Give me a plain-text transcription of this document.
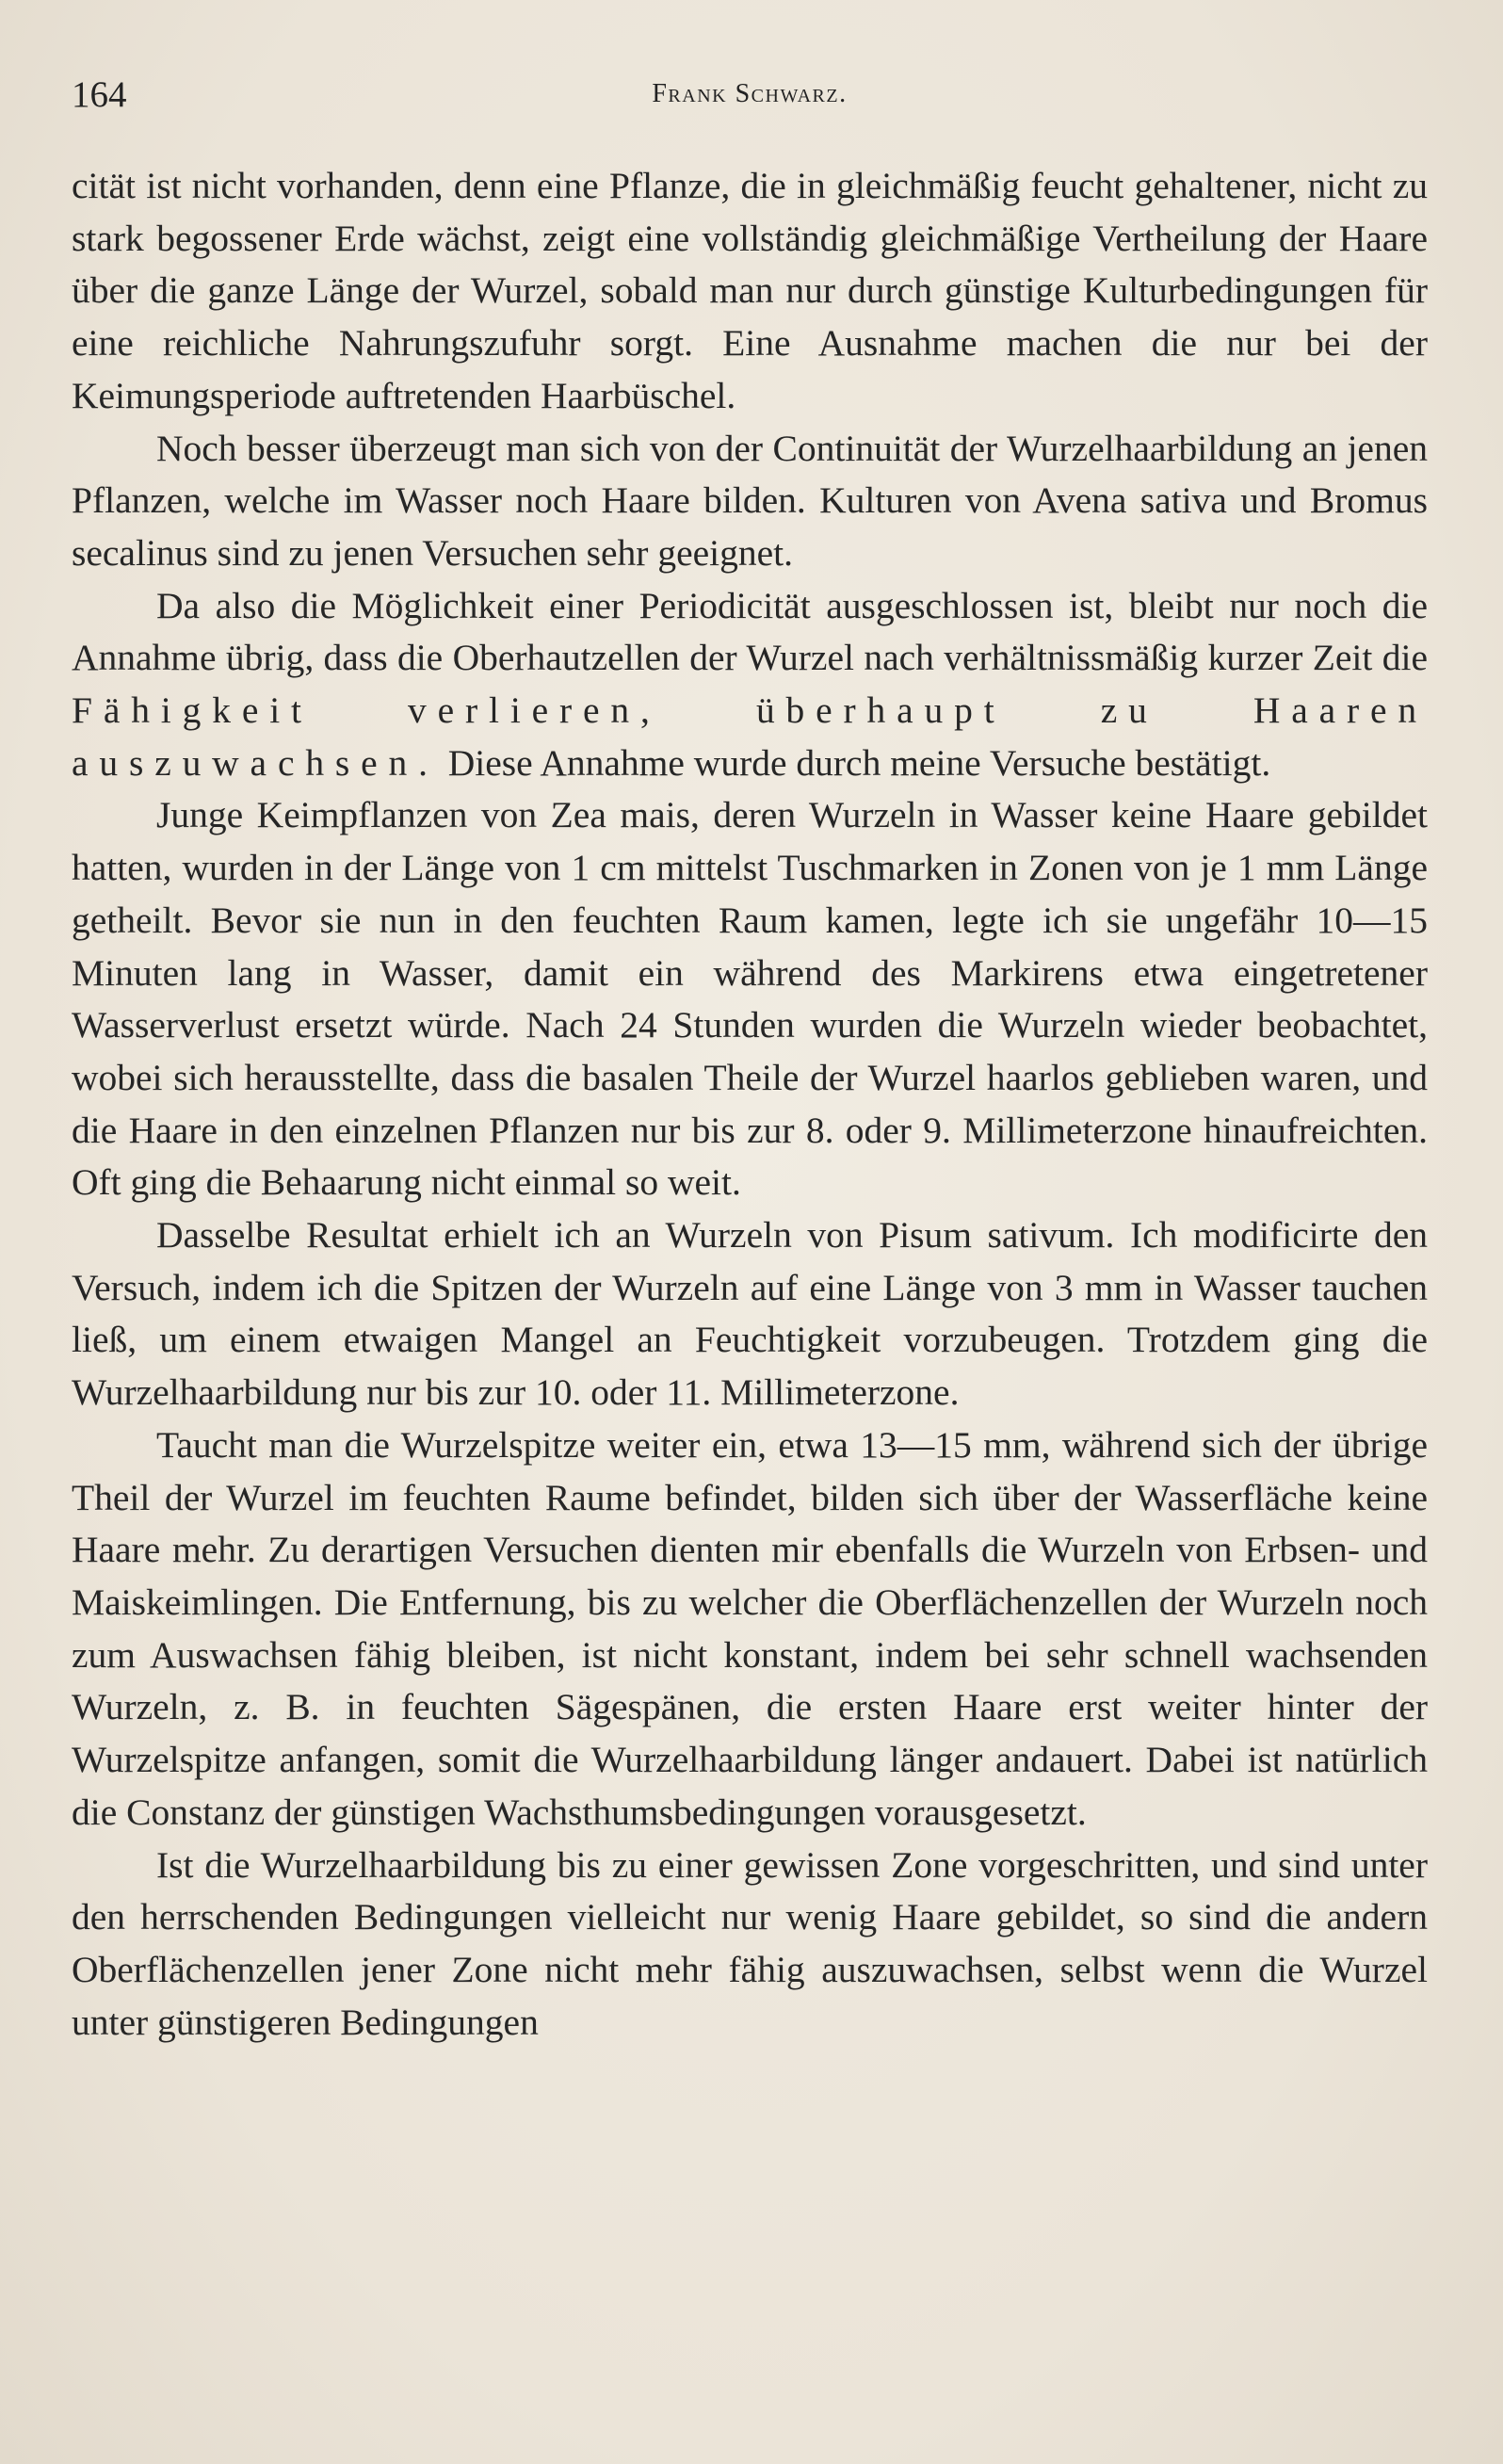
164	Frank Schwarz.

cität ist nicht vorhanden, denn eine Pflanze, die in gleichmäßig feucht gehaltener, nicht zu stark begossener Erde wächst, zeigt eine vollständig gleichmäßige Vertheilung der Haare über die ganze Länge der Wurzel, sobald man nur durch günstige Kulturbedingungen für eine reichliche Nahrungszufuhr sorgt. Eine Ausnahme machen die nur bei der Keimungsperiode auftretenden Haarbüschel.

Noch besser überzeugt man sich von der Continuität der Wurzelhaarbildung an jenen Pflanzen, welche im Wasser noch Haare bilden. Kulturen von Avena sativa und Bromus secalinus sind zu jenen Versuchen sehr geeignet.

Da also die Möglichkeit einer Periodicität ausgeschlossen ist, bleibt nur noch die Annahme übrig, dass die Oberhautzellen der Wurzel nach verhältnissmäßig kurzer Zeit die Fähigkeit verlieren, überhaupt zu Haaren auszuwachsen. Diese Annahme wurde durch meine Versuche bestätigt.

Junge Keimpflanzen von Zea mais, deren Wurzeln in Wasser keine Haare gebildet hatten, wurden in der Länge von 1 cm mittelst Tuschmarken in Zonen von je 1 mm Länge getheilt. Bevor sie nun in den feuchten Raum kamen, legte ich sie ungefähr 10—15 Minuten lang in Wasser, damit ein während des Markirens etwa eingetretener Wasserverlust ersetzt würde. Nach 24 Stunden wurden die Wurzeln wieder beobachtet, wobei sich herausstellte, dass die basalen Theile der Wurzel haarlos geblieben waren, und die Haare in den einzelnen Pflanzen nur bis zur 8. oder 9. Millimeterzone hinaufreichten. Oft ging die Behaarung nicht einmal so weit.

Dasselbe Resultat erhielt ich an Wurzeln von Pisum sativum. Ich modificirte den Versuch, indem ich die Spitzen der Wurzeln auf eine Länge von 3 mm in Wasser tauchen ließ, um einem etwaigen Mangel an Feuchtigkeit vorzubeugen. Trotzdem ging die Wurzelhaarbildung nur bis zur 10. oder 11. Millimeterzone.

Taucht man die Wurzelspitze weiter ein, etwa 13—15 mm, während sich der übrige Theil der Wurzel im feuchten Raume befindet, bilden sich über der Wasserfläche keine Haare mehr. Zu derartigen Versuchen dienten mir ebenfalls die Wurzeln von Erbsen- und Maiskeimlingen. Die Entfernung, bis zu welcher die Oberflächenzellen der Wurzeln noch zum Auswachsen fähig bleiben, ist nicht konstant, indem bei sehr schnell wachsenden Wurzeln, z. B. in feuchten Sägespänen, die ersten Haare erst weiter hinter der Wurzelspitze anfangen, somit die Wurzelhaarbildung länger andauert. Dabei ist natürlich die Constanz der günstigen Wachsthumsbedingungen vorausgesetzt.

Ist die Wurzelhaarbildung bis zu einer gewissen Zone vorgeschritten, und sind unter den herrschenden Bedingungen vielleicht nur wenig Haare gebildet, so sind die andern Oberflächenzellen jener Zone nicht mehr fähig auszuwachsen, selbst wenn die Wurzel unter günstigeren Bedingungen
